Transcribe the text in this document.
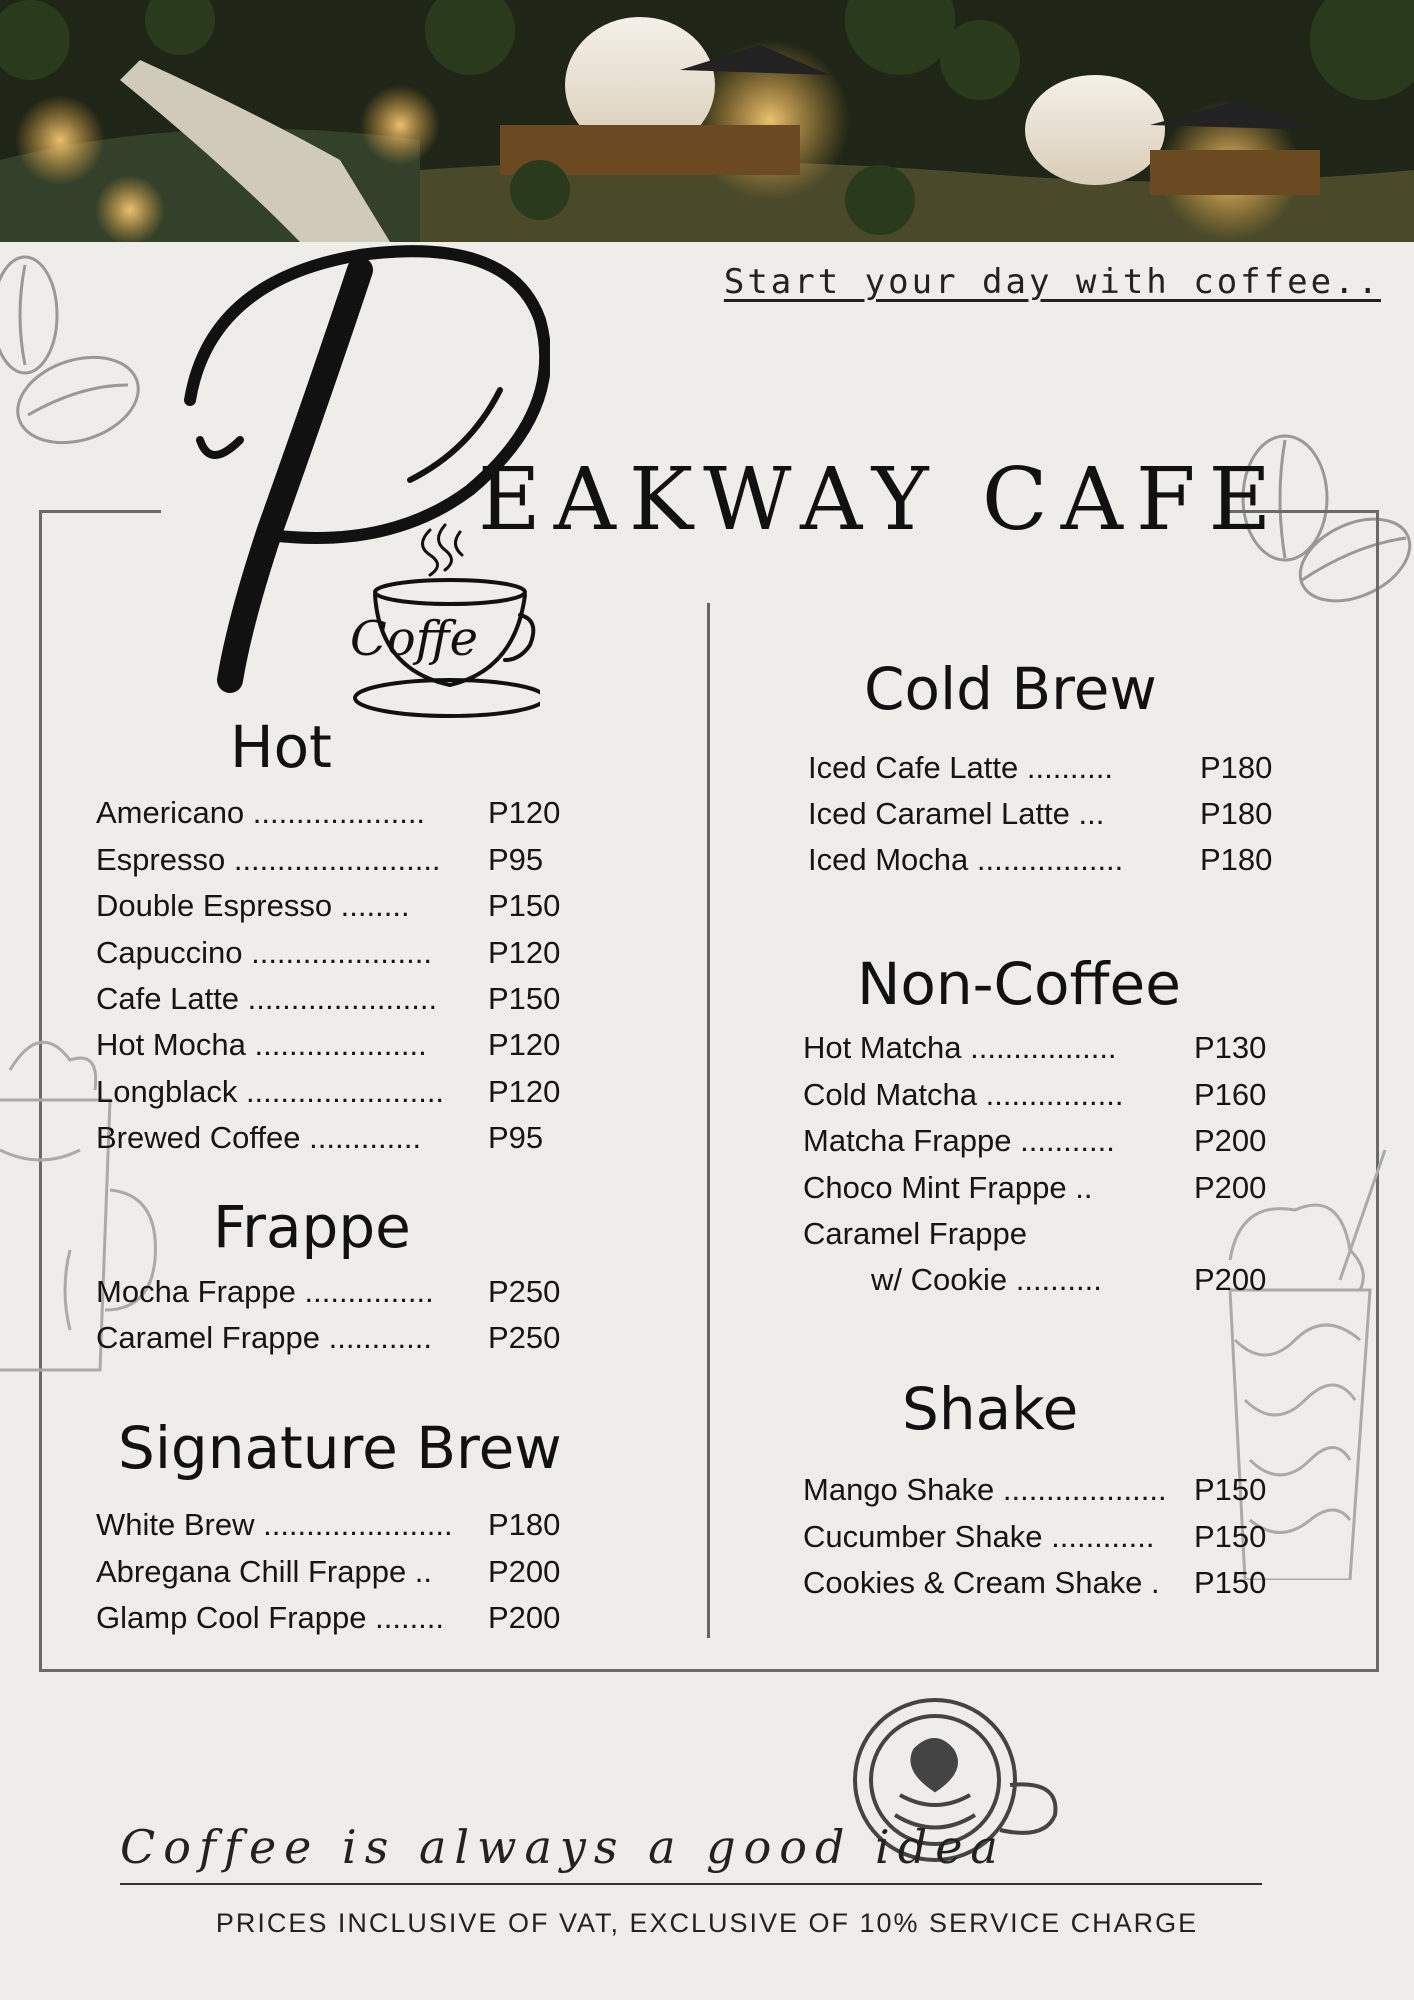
Start your day with coffee..
EAKWAY CAFE
Coffe
Hot
Americano .................... P120
Espresso ........................ P95
Double Espresso ........	P150
Capuccino ..................... P120
Cafe Latte ...................... P150
Hot Mocha .................... P120
Longblack ....................... P120
Brewed Coffee ............. P95
Frappe
Mocha Frappe ............... P250
Caramel Frappe ............ P250
Signature Brew
White Brew ...................... P180
Abregana Chill Frappe .. P200
Glamp Cool Frappe ........ P200
Cold Brew
Iced Cafe Latte ..........	P180
Iced Caramel Latte ...	P180
Iced Mocha ................. P180
Non-Coffee
Hot Matcha ................. P130
Cold Matcha ................ P160
Matcha Frappe ...........	P200
Choco Mint Frappe ..	P200
Caramel Frappe
w/ Cookie ..........	P200
Shake
Mango Shake ................... P150
Cucumber Shake ............ P150
Cookies & Cream Shake . P150
Coffee is always a good idea
PRICES INCLUSIVE OF VAT, EXCLUSIVE OF 10% SERVICE CHARGE
